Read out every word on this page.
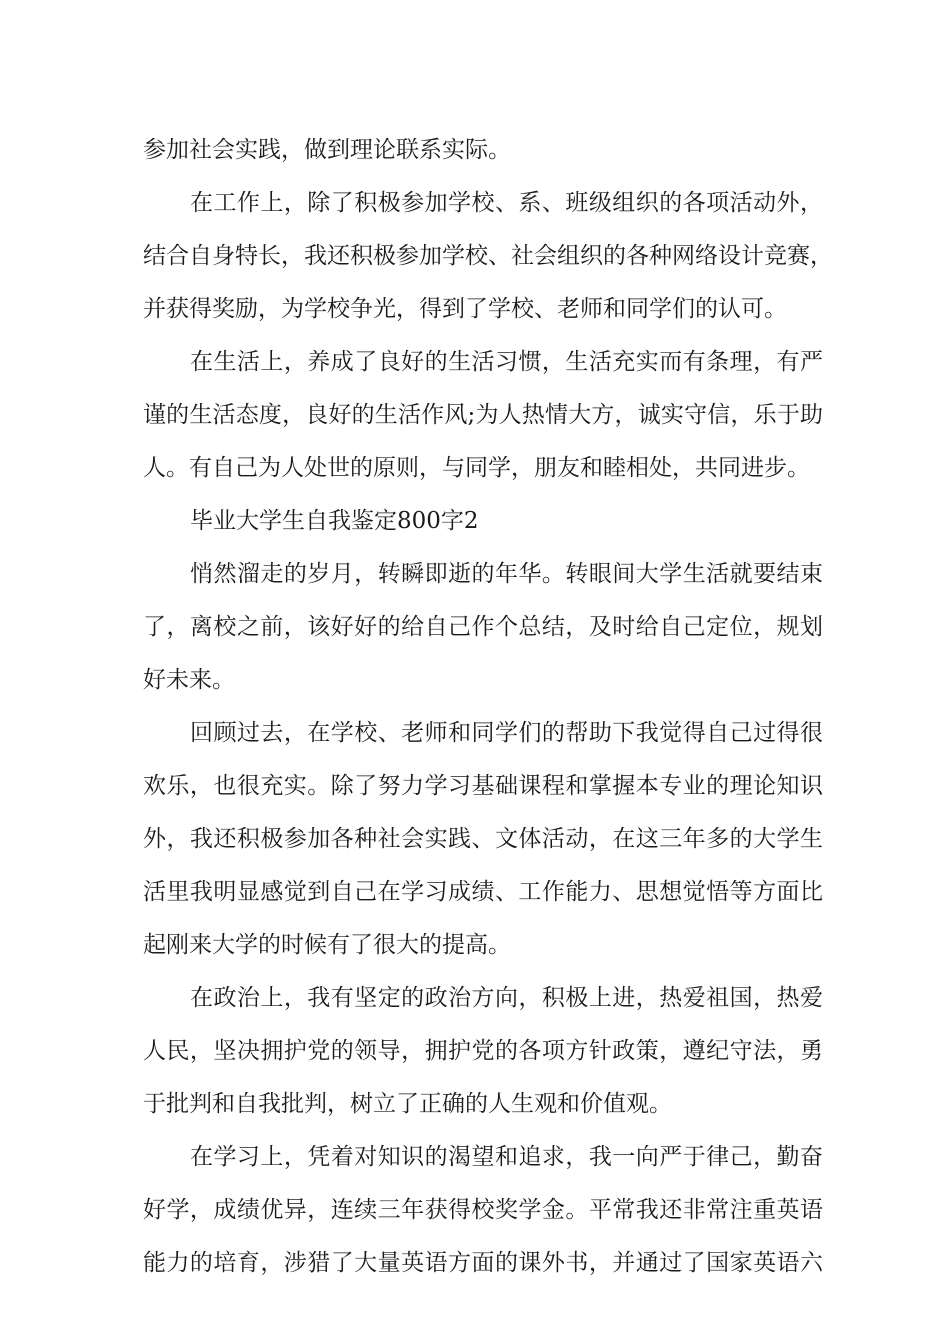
参加社会实践，做到理论联系实际。

在工作上，除了积极参加学校、系、班级组织的各项活动外，

结合自身特长，我还积极参加学校、社会组织的各种网络设计竞赛，

并获得奖励，为学校争光，得到了学校、老师和同学们的认可。

在生活上，养成了良好的生活习惯，生活充实而有条理，有严

谨的生活态度，良好的生活作风;为人热情大方，诚实守信，乐于助

人。有自己为人处世的原则，与同学，朋友和睦相处，共同进步。

毕业大学生自我鉴定800字2

悄然溜走的岁月，转瞬即逝的年华。转眼间大学生活就要结束

了，离校之前，该好好的给自己作个总结，及时给自己定位，规划

好未来。

回顾过去，在学校、老师和同学们的帮助下我觉得自己过得很

欢乐，也很充实。除了努力学习基础课程和掌握本专业的理论知识

外，我还积极参加各种社会实践、文体活动，在这三年多的大学生

活里我明显感觉到自己在学习成绩、工作能力、思想觉悟等方面比

起刚来大学的时候有了很大的提高。

在政治上，我有坚定的政治方向，积极上进，热爱祖国，热爱

人民，坚决拥护党的领导，拥护党的各项方针政策，遵纪守法，勇

于批判和自我批判，树立了正确的人生观和价值观。

在学习上，凭着对知识的渴望和追求，我一向严于律己，勤奋

好学，成绩优异，连续三年获得校奖学金。平常我还非常注重英语

能力的培育，涉猎了大量英语方面的课外书，并通过了国家英语六
